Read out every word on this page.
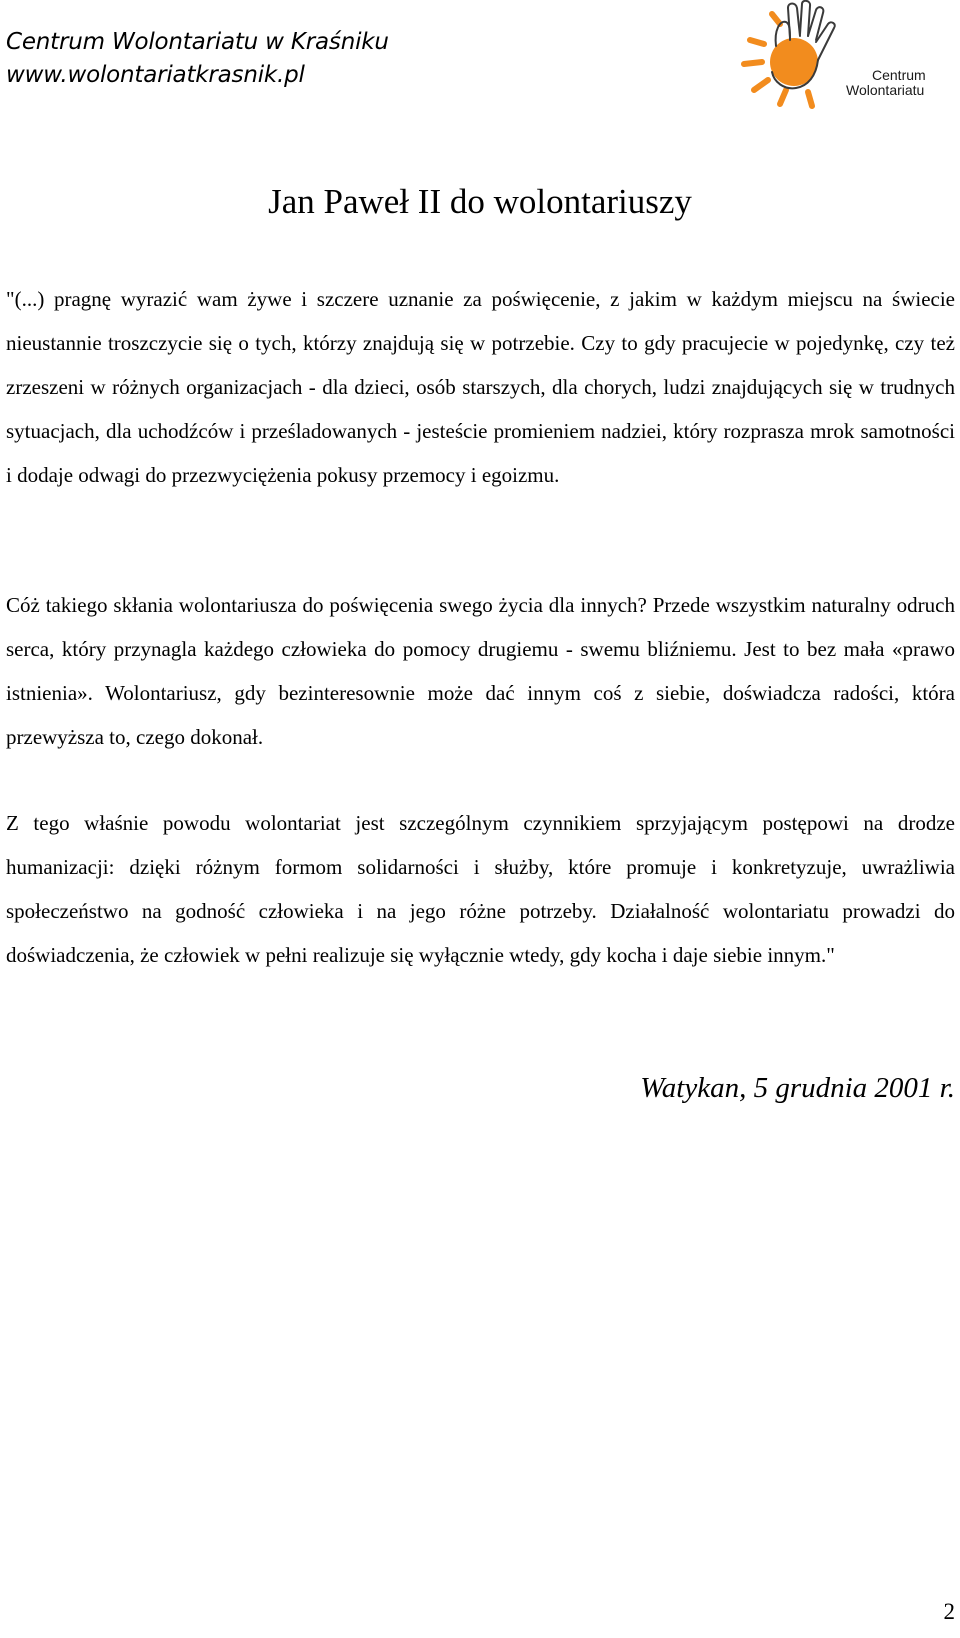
Centrum Wolontariatu w Kraśniku
www.wolontariatkrasnik.pl	Centrum
Wolontariatu
Jan Paweł II do wolontariuszy

"(...) pragnę wyrazić wam żywe i szczere uznanie za poświęcenie, z jakim w każdym miejscu na świecie nieustannie troszczycie się o tych, którzy znajdują się w potrzebie. Czy to gdy pracujecie w pojedynkę, czy też zrzeszeni w różnych organizacjach - dla dzieci, osób starszych, dla chorych, ludzi znajdujących się w trudnych sytuacjach, dla uchodźców i prześladowanych - jesteście promieniem nadziei, który rozprasza mrok samotności i dodaje odwagi do przezwyciężenia pokusy przemocy i egoizmu.

Cóż takiego skłania wolontariusza do poświęcenia swego życia dla innych? Przede wszystkim naturalny odruch serca, który przynagla każdego człowieka do pomocy drugiemu - swemu bliźniemu. Jest to bez mała «prawo istnienia». Wolontariusz, gdy bezinteresownie może dać innym coś z siebie, doświadcza radości, która przewyższa to, czego dokonał.

Z tego właśnie powodu wolontariat jest szczególnym czynnikiem sprzyjającym postępowi na drodze humanizacji: dzięki różnym formom solidarności i służby, które promuje i konkretyzuje, uwrażliwia społeczeństwo na godność człowieka i na jego różne potrzeby. Działalność wolontariatu prowadzi do doświadczenia, że człowiek w pełni realizuje się wyłącznie wtedy, gdy kocha i daje siebie innym."

Watykan, 5 grudnia 2001 r.
2
